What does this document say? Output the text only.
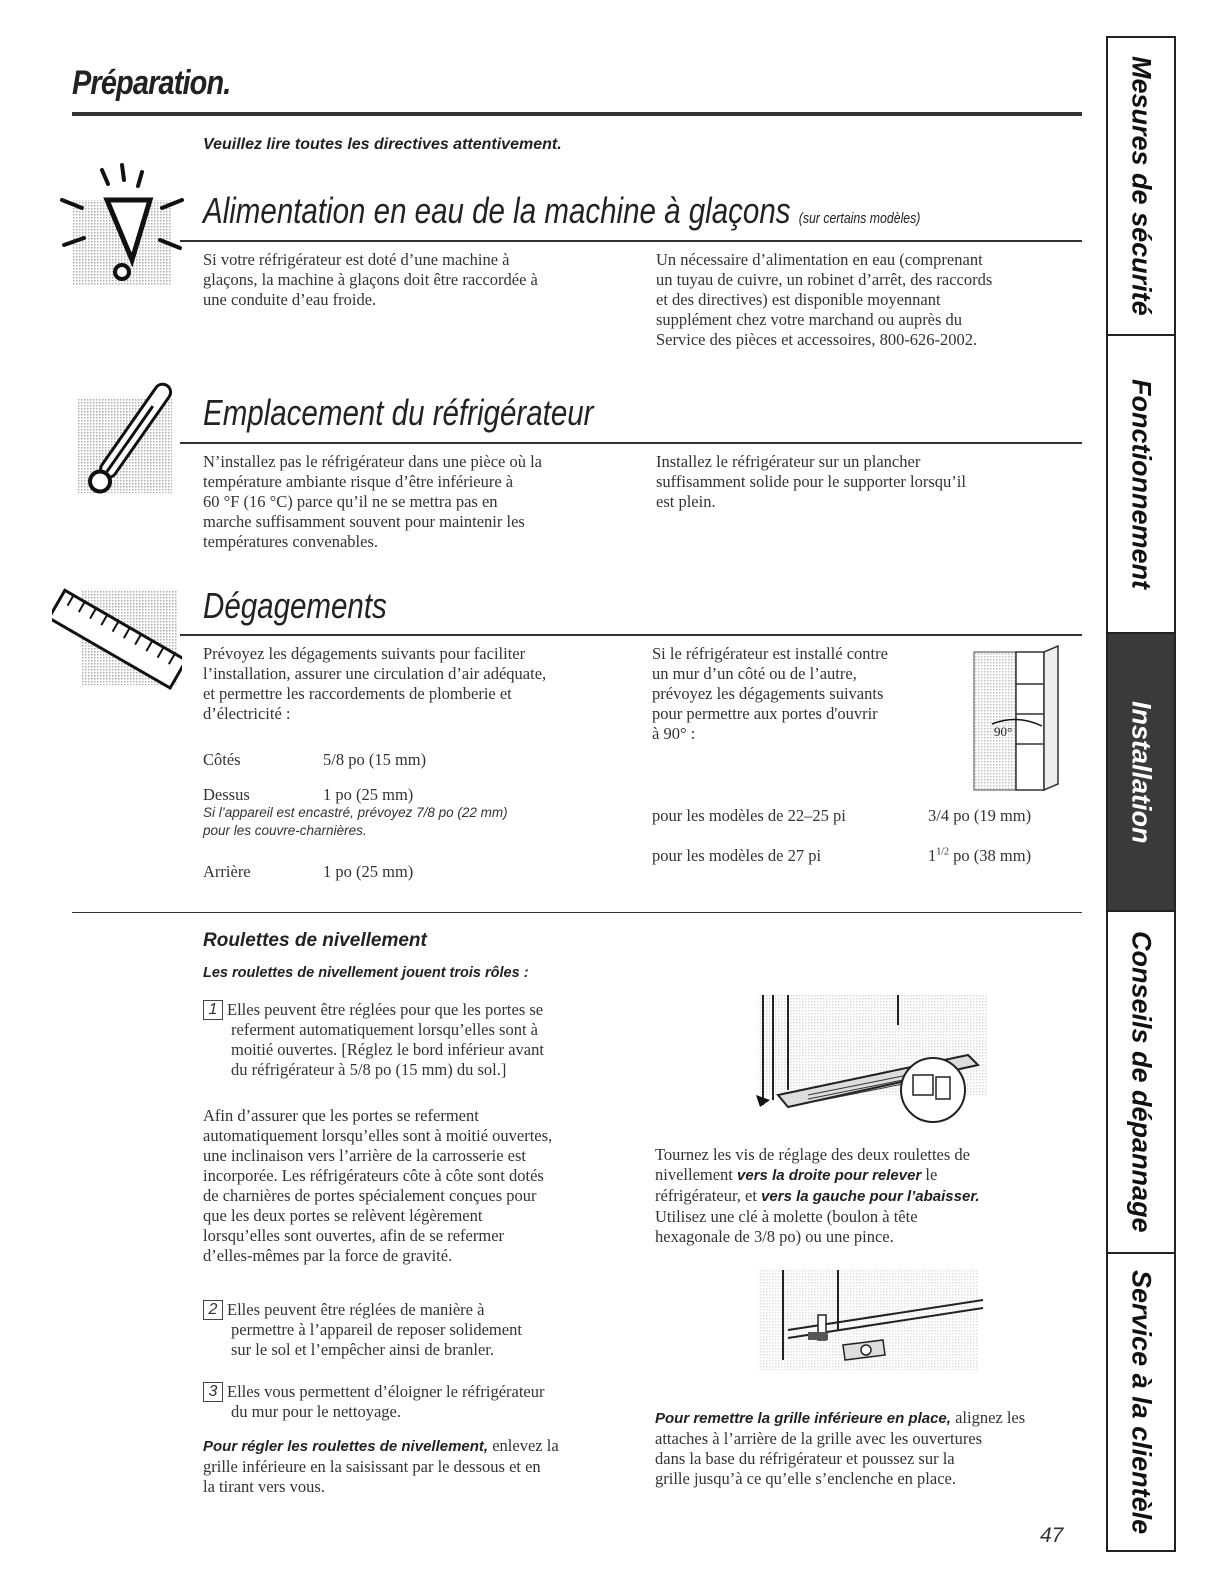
Préparation.
Veuillez lire toutes les directives attentivement.
Alimentation en eau de la machine à glaçons (sur certains modèles)
Si votre réfrigérateur est doté d’une machine à
glaçons, la machine à glaçons doit être raccordée à
une conduite d’eau froide.
Un nécessaire d’alimentation en eau (comprenant
un tuyau de cuivre, un robinet d’arrêt, des raccords
et des directives) est disponible moyennant
supplément chez votre marchand ou auprès du
Service des pièces et accessoires, 800-626-2002.
Emplacement du réfrigérateur
N’installez pas le réfrigérateur dans une pièce où la
température ambiante risque d’être inférieure à
60 °F (16 °C) parce qu’il ne se mettra pas en
marche suffisamment souvent pour maintenir les
températures convenables.
Installez le réfrigérateur sur un plancher
suffisamment solide pour le supporter lorsqu’il
est plein.
Dégagements
Prévoyez les dégagements suivants pour faciliter
l’installation, assurer une circulation d’air adéquate,
et permettre les raccordements de plomberie et
d’électricité :
Côtés	5/8 po (15 mm)
Dessus	1 po (25 mm)
Si l’appareil est encastré, prévoyez 7/8 po (22 mm)
pour les couvre-charnières.
Arrière	1 po (25 mm)
Si le réfrigérateur est installé contre
un mur d’un côté ou de l’autre,
prévoyez les dégagements suivants
pour permettre aux portes d'ouvrir
à 90° :	90°
pour les modèles de 22–25 pi	3/4 po (19 mm)
pour les modèles de 27 pi	$1^{1/2}$ po (38 mm)
Roulettes de nivellement
Les roulettes de nivellement jouent trois rôles :
1 Elles peuvent être réglées pour que les portes se
referment automatiquement lorsqu’elles sont à
moitié ouvertes. [Réglez le bord inférieur avant
du réfrigérateur à 5/8 po (15 mm) du sol.]
Afin d’assurer que les portes se referment
automatiquement lorsqu’elles sont à moitié ouvertes,
une inclinaison vers l’arrière de la carrosserie est
incorporée. Les réfrigérateurs côte à côte sont dotés
de charnières de portes spécialement conçues pour
que les deux portes se relèvent légèrement
lorsqu’elles sont ouvertes, afin de se refermer
d’elles-mêmes par la force de gravité.
2 Elles peuvent être réglées de manière à
permettre à l’appareil de reposer solidement
sur le sol et l’empêcher ainsi de branler.
3 Elles vous permettent d’éloigner le réfrigérateur
du mur pour le nettoyage.
Pour régler les roulettes de nivellement, enlevez la
grille inférieure en la saisissant par le dessous et en
la tirant vers vous.
Tournez les vis de réglage des deux roulettes de
nivellement vers la droite pour relever le
réfrigérateur, et vers la gauche pour l’abaisser.
Utilisez une clé à molette (boulon à tête
hexagonale de 3/8 po) ou une pince.
Pour remettre la grille inférieure en place, alignez les
attaches à l’arrière de la grille avec les ouvertures
dans la base du réfrigérateur et poussez sur la
grille jusqu’à ce qu’elle s’enclenche en place.
47
Mesures de sécurité
Fonctionnement
Installation
Conseils de dépannage
Service à la clientèle
